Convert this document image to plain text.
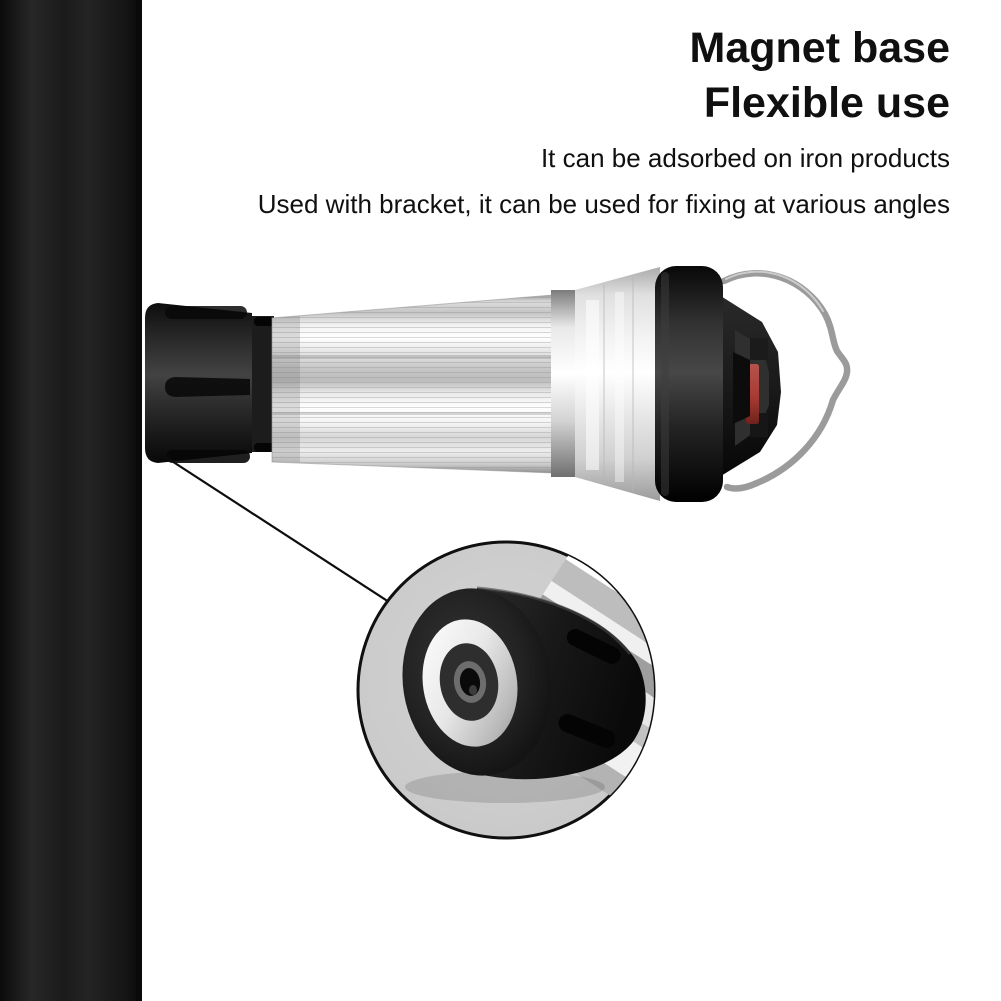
Magnet base
Flexible use
It can be adsorbed on iron products
Used with bracket, it can be used for fixing at various angles
